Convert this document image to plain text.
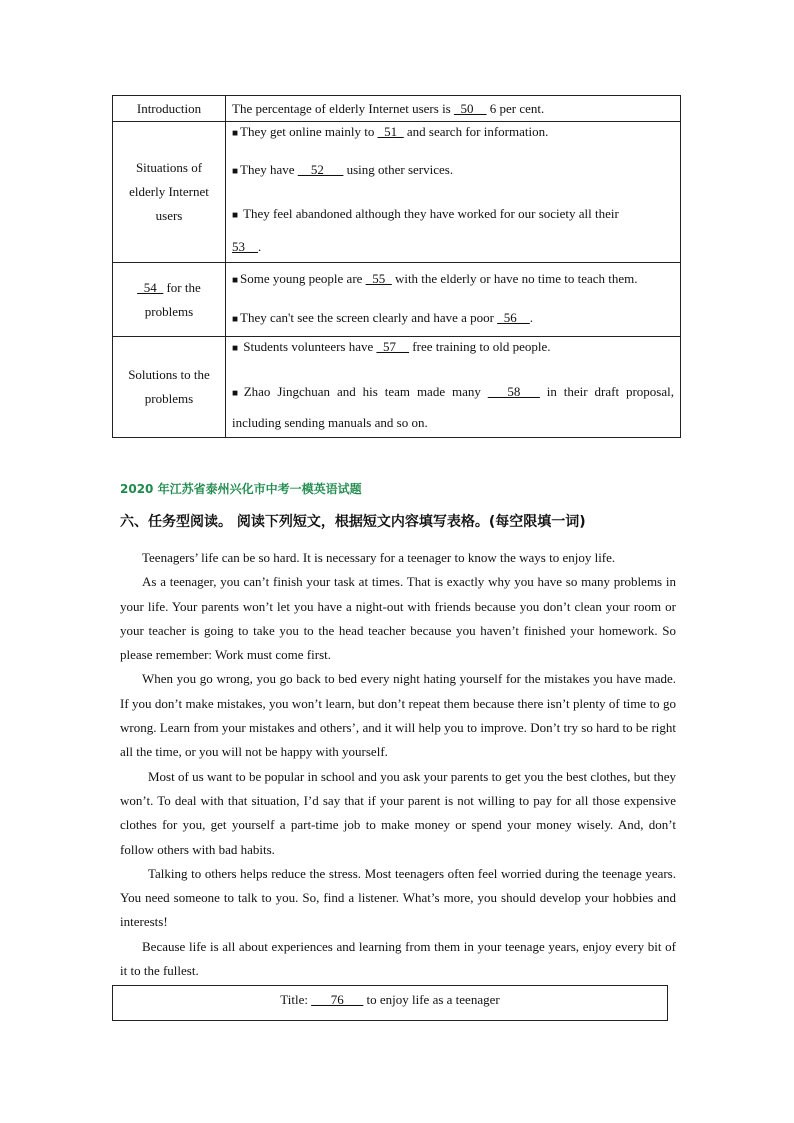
Introduction	The percentage of elderly Internet users is _50__ 6 per cent.
Situations of elderly Internet users	■ They get online mainly to _51_ and search for information.

■ They have __52___ using other services.

■ They feel abandoned although they have worked for our society all their
53__.

_54_ for the problems	■ Some young people are _55_ with the elderly or have no time to teach them.

■ They can't see the screen clearly and have a poor _56__.

Solutions to the problems	■ Students volunteers have _57__ free training to old people.

■ Zhao Jingchuan and his team made many ___58___ in their draft proposal,

including sending manuals and so on.

2020 年江苏省泰州兴化市中考一模英语试题
六、任务型阅读。 阅读下列短文，根据短文内容填写表格。(每空限填一词)

Teenagers’ life can be so hard. It is necessary for a teenager to know the ways to enjoy life.

As a teenager, you can’t finish your task at times. That is exactly why you have so many problems in your life. Your parents won’t let you have a night-out with friends because you don’t clean your room or your teacher is going to take you to the head teacher because you haven’t finished your homework. So please remember: Work must come first.

When you go wrong, you go back to bed every night hating yourself for the mistakes you have made. If you don’t make mistakes, you won’t learn, but don’t repeat them because there isn’t plenty of time to go wrong. Learn from your mistakes and others’, and it will help you to improve. Don’t try so hard to be right all the time, or you will not be happy with yourself.

Most of us want to be popular in school and you ask your parents to get you the best clothes, but they won’t. To deal with that situation, I’d say that if your parent is not willing to pay for all those expensive clothes for you, get yourself a part-time job to make money or spend your money wisely. And, don’t follow others with bad habits.

Talking to others helps reduce the stress. Most teenagers often feel worried during the teenage years. You need someone to talk to you. So, find a listener. What’s more, you should develop your hobbies and interests!

Because life is all about experiences and learning from them in your teenage years, enjoy every bit of it to the fullest.

Title: ___76___ to enjoy life as a teenager
